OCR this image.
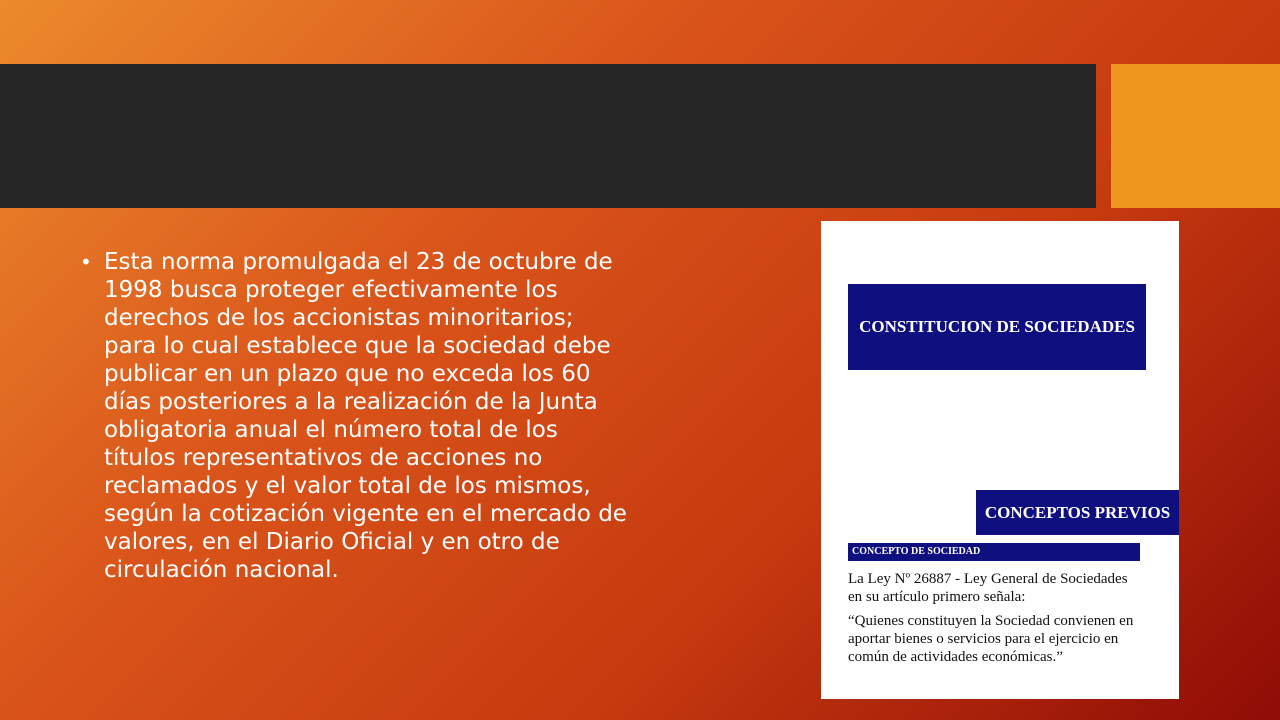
• Esta norma promulgada el 23 de octubre de
1998 busca proteger efectivamente los
derechos de los accionistas minoritarios;
para lo cual establece que la sociedad debe
publicar en un plazo que no exceda los 60
días posteriores a la realización de la Junta
obligatoria anual el número total de los
títulos representativos de acciones no
reclamados y el valor total de los mismos,
según la cotización vigente en el mercado de
valores, en el Diario Oficial y en otro de
circulación nacional.

CONSTITUCION DE SOCIEDADES
CONCEPTOS PREVIOS
CONCEPTO DE SOCIEDAD

La Ley Nº 26887 - Ley General de Sociedades
en su artículo primero señala:

“Quienes constituyen la Sociedad convienen en
aportar bienes o servicios para el ejercicio en
común de actividades económicas.”
